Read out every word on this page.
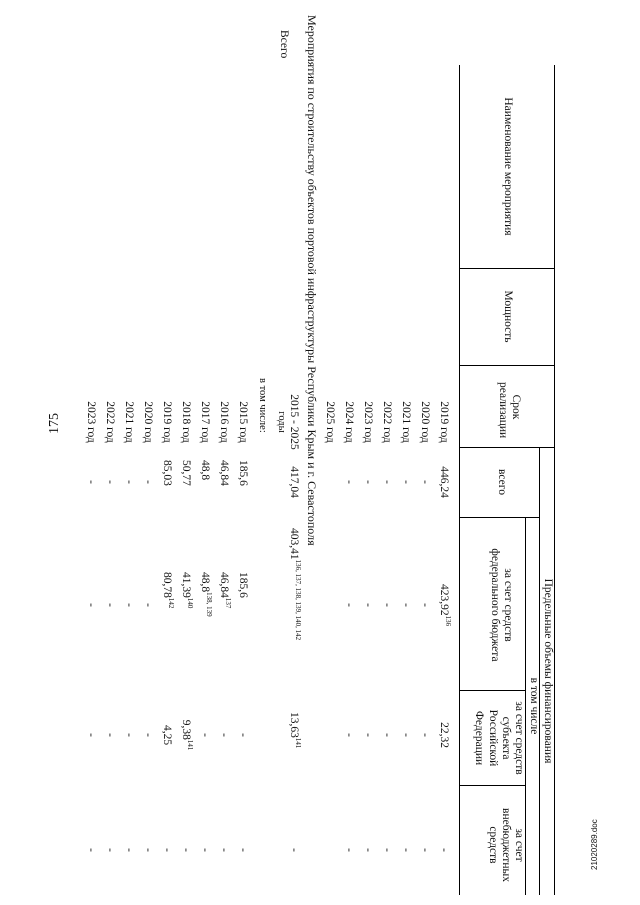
175
21020289.doc
Наименование мероприятия
Мощность
Срок реализации
Предельные объемы финансирования
всего
в том числе
за счет средств федерального бюджета
за счет средств субъекта Российской Федерации
за счет внебюджетных средств
2019 год
446,24
423,92$^{136}$
22,32
-
2020 год
-
-
-
-
2021 год
-
-
-
-
2022 год
-
-
-
-
2023 год
-
-
-
-
2024 год
-
-
-
-
2025 год
Мероприятия по строительству объектов портовой инфраструктуры Республики Крым и г. Севастополя
Всего
2015 - 2025
годы
417,04
403,41$^{136, 137, 138, 139, 140, 142}$
13,63$^{141}$
-
в том числе:
2015 год
185,6
185,6
-
-
2016 год
46,84
46,84$^{137}$
-
-
2017 год
48,8
48,8$^{138, 139}$
-
-
2018 год
50,77
41,39$^{140}$
9,38$^{141}$
-
2019 год
85,03
80,78$^{142}$
4,25
-
2020 год
-
-
-
-
2021 год
-
-
-
-
2022 год
-
-
-
-
2023 год
-
-
-
-
